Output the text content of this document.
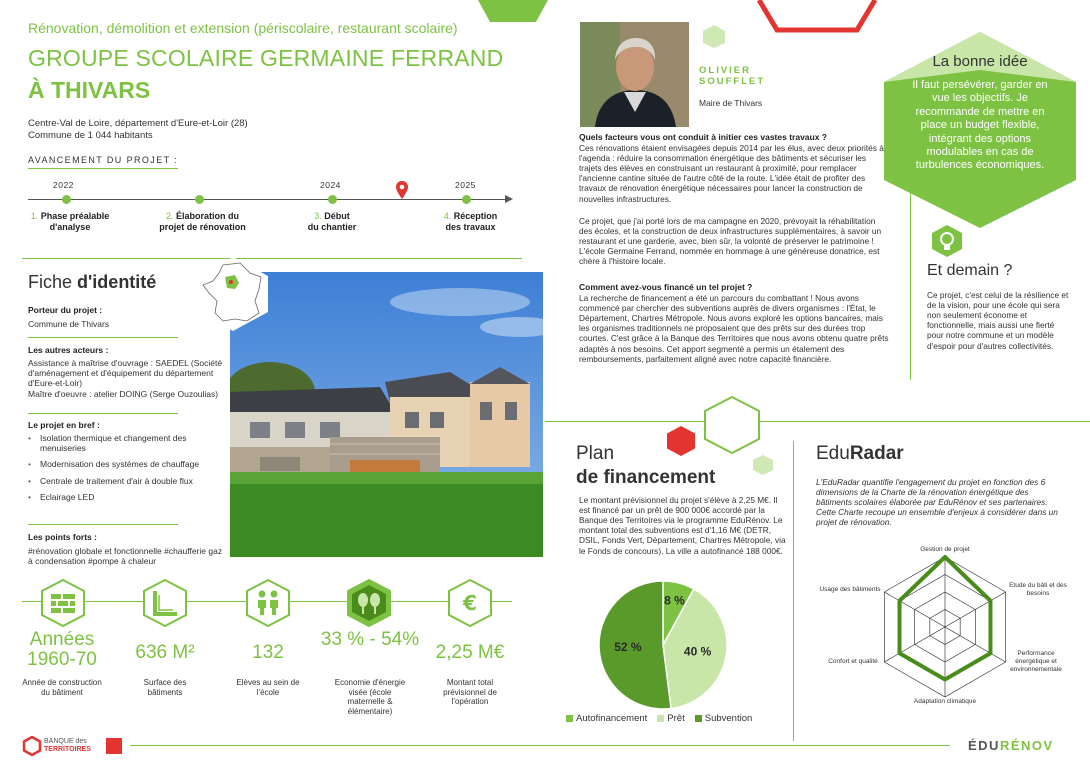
Rénovation, démolition et extension (périscolaire, restaurant scolaire)
GROUPE SCOLAIRE GERMAINE FERRAND
À THIVARS
Centre-Val de Loire, département d'Eure-et-Loir (28)
Commune de 1 044 habitants
AVANCEMENT DU PROJET :
2022	2024	2025
1. Phase préalable
d'analyse
2. Élaboration du
projet de rénovation
3. Début
du chantier
4. Réception
des travaux
Fiche d'identité
Porteur du projet :
Commune de Thivars
Les autres acteurs :
Assistance à maîtrise d'ouvrage : SAEDEL (Société d'aménagement et d'équipement du département d'Eure-et-Loir)
Maître d'oeuvre : atelier DOING (Serge Ouzoulias)
Le projet en bref :
• Isolation thermique et changement des menuiseries
• Modernisation des systèmes de chauffage
• Centrale de traitement d'air à double flux
• Eclairage LED
Les points forts :
#rénovation globale et fonctionnelle #chaufferie gaz à condensation #pompe à chaleur
€
Années 1960-70
Année de construction du bâtiment
636 M²
Surface des bâtiments
132
Elèves au sein de l'école
33 % - 54%
Economie d'énergie visée (école maternelle & élémentaire)
2,25 M€
Montant total prévisionnel de l'opération
BANQUE des
TERRITOIRES	ÉDURÉNOV
OLIVIER
SOUFFLET
Maire de Thivars
Quels facteurs vous ont conduit à initier ces vastes travaux ?
Ces rénovations étaient envisagées depuis 2014 par les élus, avec deux priorités à l'agenda : réduire la consommation énergétique des bâtiments et sécuriser les trajets des élèves en construisant un restaurant à proximité, pour remplacer l'ancienne cantine située de l'autre côté de la route. L'idée était de profiter des travaux de rénovation énergétique nécessaires pour lancer la construction de nouvelles infrastructures.
Ce projet, que j'ai porté lors de ma campagne en 2020, prévoyait la réhabilitation des écoles, et la construction de deux infrastructures supplémentaires, à savoir un restaurant et une garderie, avec, bien sûr, la volonté de préserver le patrimoine ! L'école Germaine Ferrand, nommée en hommage à une généreuse donatrice, est chère à l'histoire locale.
Comment avez-vous financé un tel projet ?
La recherche de financement a été un parcours du combattant ! Nous avons commencé par chercher des subventions auprès de divers organismes : l'État, le Département, Chartres Métropole. Nous avons exploré les options bancaires, mais les organismes traditionnels ne proposaient que des prêts sur des durées trop courtes. C'est grâce à la Banque des Territoires que nous avons obtenu quatre prêts adaptés à nos besoins. Cet apport segmenté a permis un étalement des remboursements, parfaitement aligné avec notre capacité financière.
La bonne idée
Il faut persévérer, garder en vue les objectifs. Je recommande de mettre en place un budget flexible, intégrant des options modulables en cas de turbulences économiques.
Et demain ?
Ce projet, c'est celui de la résilience et de la vision, pour une école qui sera non seulement économe et fonctionnelle, mais aussi une fierté pour notre commune et un modèle d'espoir pour d'autres collectivités.
Plan
de financement
Le montant prévisionnel du projet s'élève à 2,25 M€. Il est financé par un prêt de 900 000€ accordé par la Banque des Territoires via le programme EduRénov. Le montant total des subventions est d'1,16 M€ (DETR, DSIL, Fonds Vert, Département, Chartres Métropole, via le Fonds de concours). La ville a autofinancé 188 000€.
8 %
40 %
52 %
Autofinancement Prêt Subvention
EduRadar
L'EduRadar quantifie l'engagement du projet en fonction des 6 dimensions de la Charte de la rénovation énergétique des bâtiments scolaires élaborée par EduRénov et ses partenaires. Cette Charte recoupe un ensemble d'enjeux à considérer dans un projet de rénovation.
Gestion de projet
Etude du bâti et des besoins
Performance énergétique et environnementale
Adaptation climatique
Confort et qualité
Usage des bâtiments
